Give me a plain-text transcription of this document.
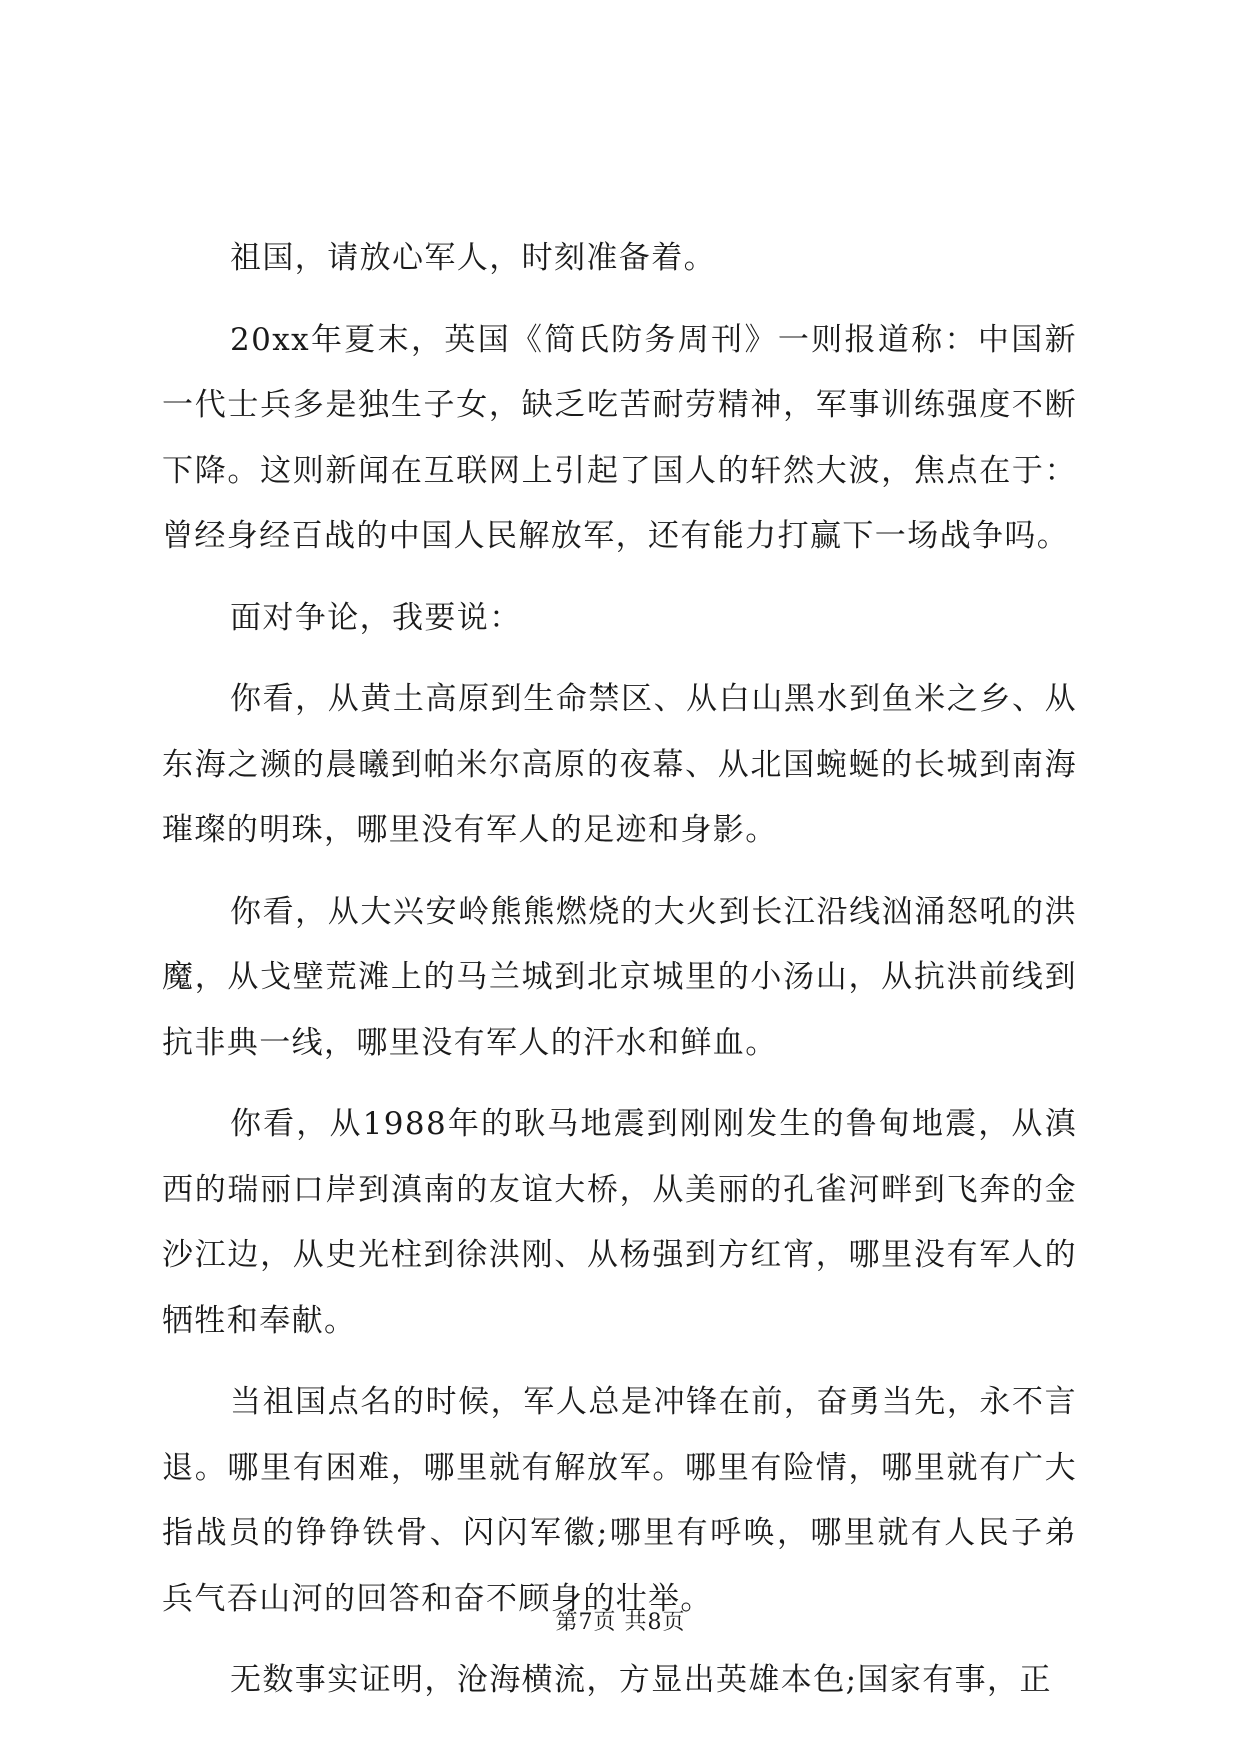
祖国，请放心军人，时刻准备着。

20xx年夏末，英国《简氏防务周刊》一则报道称：中国新一代士兵多是独生子女，缺乏吃苦耐劳精神，军事训练强度不断下降。这则新闻在互联网上引起了国人的轩然大波，焦点在于：曾经身经百战的中国人民解放军，还有能力打赢下一场战争吗。

面对争论，我要说：

你看，从黄土高原到生命禁区、从白山黑水到鱼米之乡、从东海之濒的晨曦到帕米尔高原的夜幕、从北国蜿蜒的长城到南海璀璨的明珠，哪里没有军人的足迹和身影。

你看，从大兴安岭熊熊燃烧的大火到长江沿线汹涌怒吼的洪魔，从戈壁荒滩上的马兰城到北京城里的小汤山，从抗洪前线到抗非典一线，哪里没有军人的汗水和鲜血。

你看，从1988年的耿马地震到刚刚发生的鲁甸地震，从滇西的瑞丽口岸到滇南的友谊大桥，从美丽的孔雀河畔到飞奔的金沙江边，从史光柱到徐洪刚、从杨强到方红宵，哪里没有军人的牺牲和奉献。

当祖国点名的时候，军人总是冲锋在前，奋勇当先，永不言退。哪里有困难，哪里就有解放军。哪里有险情，哪里就有广大指战员的铮铮铁骨、闪闪军徽;哪里有呼唤，哪里就有人民子弟兵气吞山河的回答和奋不顾身的壮举。

无数事实证明，沧海横流，方显出英雄本色;国家有事，正

第7页 共8页
